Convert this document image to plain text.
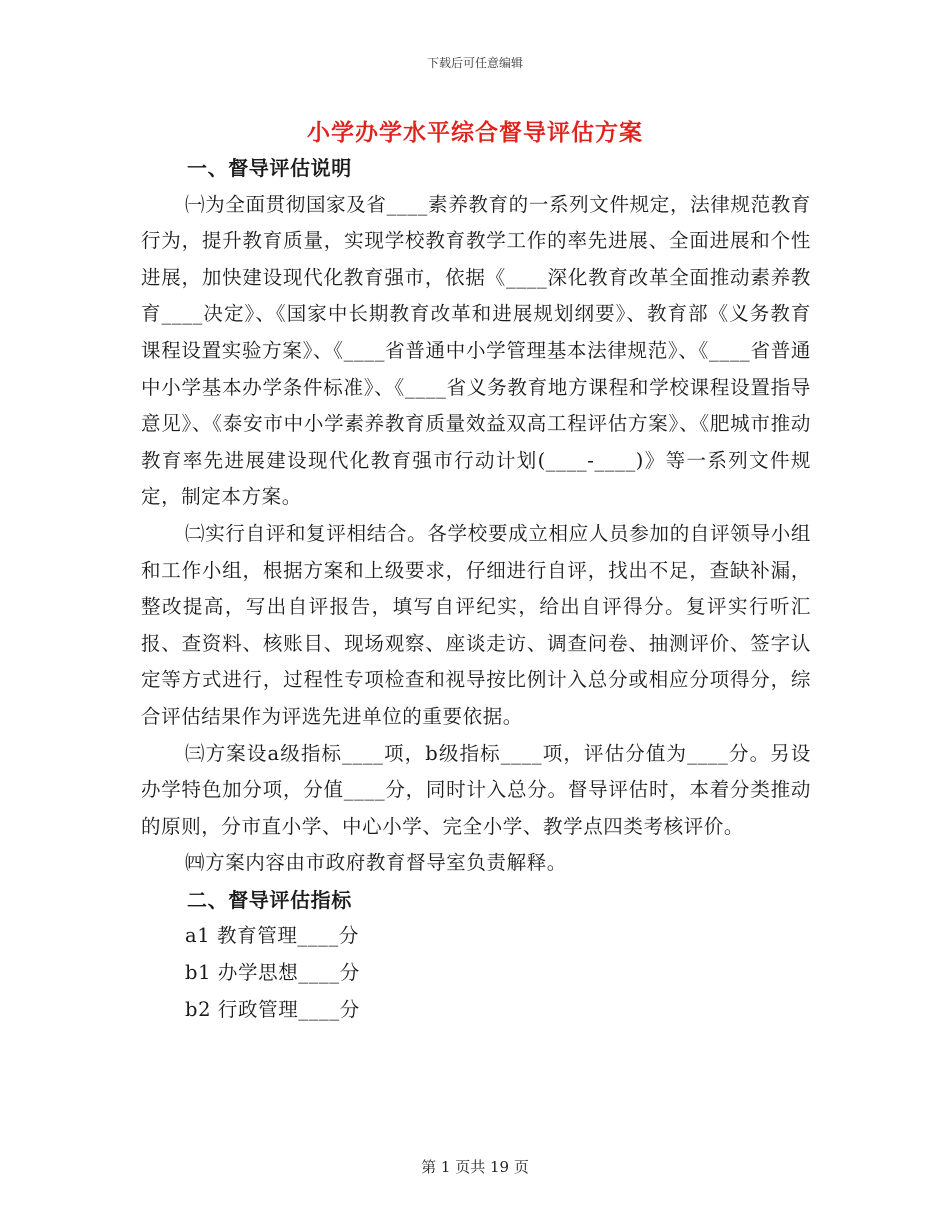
下载后可任意编辑
小学办学水平综合督导评估方案

一、督导评估说明

㈠为全面贯彻国家及省____素养教育的一系列文件规定，法律规范教育行为，提升教育质量，实现学校教育教学工作的率先进展、全面进展和个性进展，加快建设现代化教育强市，依据《____深化教育改革全面推动素养教育____决定》、《国家中长期教育改革和进展规划纲要》、教育部《义务教育课程设置实验方案》、《____省普通中小学管理基本法律规范》、《____省普通中小学基本办学条件标准》、《____省义务教育地方课程和学校课程设置指导意见》、《泰安市中小学素养教育质量效益双高工程评估方案》、《肥城市推动教育率先进展建设现代化教育强市行动计划(____-____)》等一系列文件规定，制定本方案。

㈡实行自评和复评相结合。各学校要成立相应人员参加的自评领导小组和工作小组，根据方案和上级要求，仔细进行自评，找出不足，查缺补漏，整改提高，写出自评报告，填写自评纪实，给出自评得分。复评实行听汇报、查资料、核账目、现场观察、座谈走访、调查问卷、抽测评价、签字认定等方式进行，过程性专项检查和视导按比例计入总分或相应分项得分，综合评估结果作为评选先进单位的重要依据。

㈢方案设a级指标____项，b级指标____项，评估分值为____分。另设办学特色加分项，分值____分，同时计入总分。督导评估时，本着分类推动的原则，分市直小学、中心小学、完全小学、教学点四类考核评价。

㈣方案内容由市政府教育督导室负责解释。

二、督导评估指标

a1 教育管理____分

b1 办学思想____分

b2 行政管理____分

第 1 页共 19 页
